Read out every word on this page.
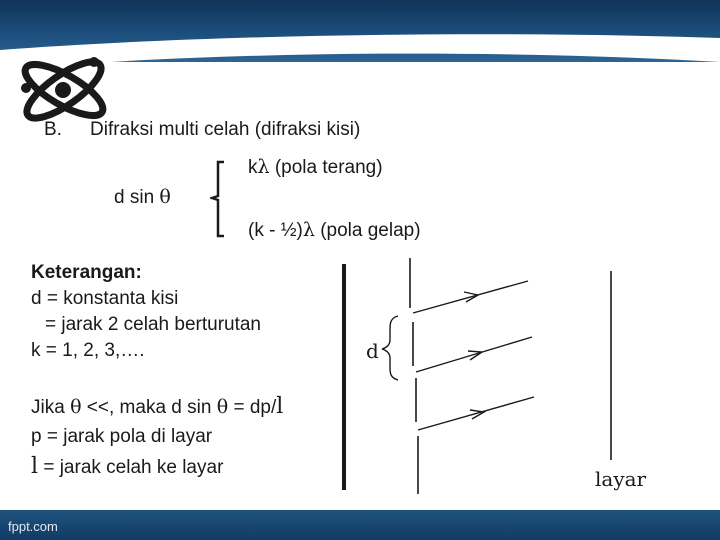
B. Difraksi multi celah (difraksi kisi)
kλ (pola terang)
d sin θ
(k - ½)λ (pola gelap)
Keterangan:
d = konstanta kisi
= jarak 2 celah berturutan
k = 1, 2, 3,….
Jika θ <<, maka d sin θ = dp/l
p = jarak pola di layar
l = jarak celah ke layar
d
layar
fppt.com
